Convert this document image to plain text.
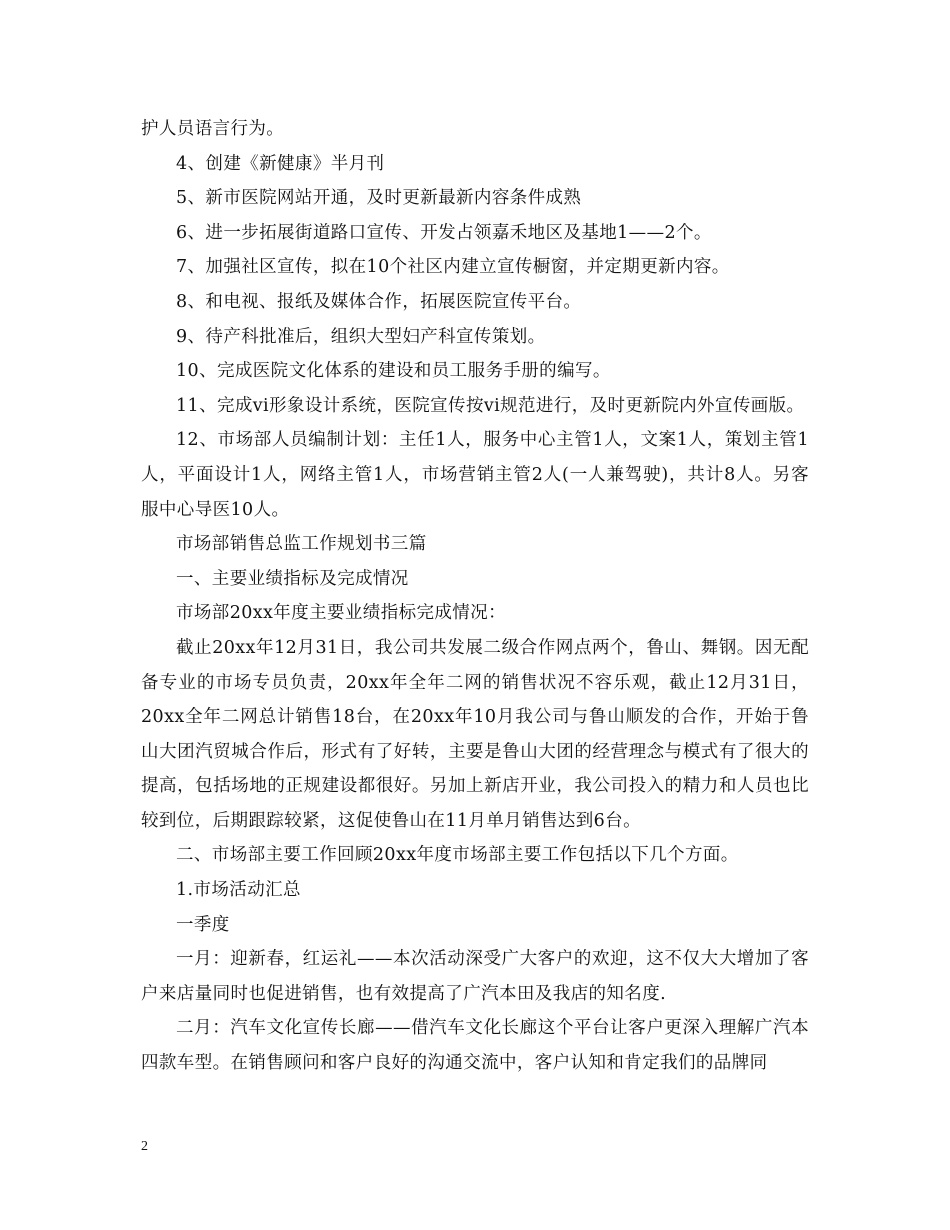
护人员语言行为。

4、创建《新健康》半月刊

5、新市医院网站开通，及时更新最新内容条件成熟

6、进一步拓展街道路口宣传、开发占领嘉禾地区及基地1——2个。

7、加强社区宣传，拟在10个社区内建立宣传橱窗，并定期更新内容。

8、和电视、报纸及媒体合作，拓展医院宣传平台。

9、待产科批准后，组织大型妇产科宣传策划。

10、完成医院文化体系的建设和员工服务手册的编写。

11、完成vi形象设计系统，医院宣传按vi规范进行，及时更新院内外宣传画版。

12、市场部人员编制计划：主任1人，服务中心主管1人，文案1人，策划主管1人，平面设计1人，网络主管1人，市场营销主管2人(一人兼驾驶)，共计8人。另客服中心导医10人。

市场部销售总监工作规划书三篇

一、主要业绩指标及完成情况

市场部20xx年度主要业绩指标完成情况：

截止20xx年12月31日，我公司共发展二级合作网点两个，鲁山、舞钢。因无配备专业的市场专员负责，20xx年全年二网的销售状况不容乐观，截止12月31日，20xx全年二网总计销售18台，在20xx年10月我公司与鲁山顺发的合作，开始于鲁山大团汽贸城合作后，形式有了好转，主要是鲁山大团的经营理念与模式有了很大的提高，包括场地的正规建设都很好。另加上新店开业，我公司投入的精力和人员也比较到位，后期跟踪较紧，这促使鲁山在11月单月销售达到6台。

二、市场部主要工作回顾20xx年度市场部主要工作包括以下几个方面。

1.市场活动汇总

一季度

一月：迎新春，红运礼——本次活动深受广大客户的欢迎，这不仅大大增加了客户来店量同时也促进销售，也有效提高了广汽本田及我店的知名度.

二月：汽车文化宣传长廊——借汽车文化长廊这个平台让客户更深入理解广汽本四款车型。在销售顾问和客户良好的沟通交流中，客户认知和肯定我们的品牌同

2
